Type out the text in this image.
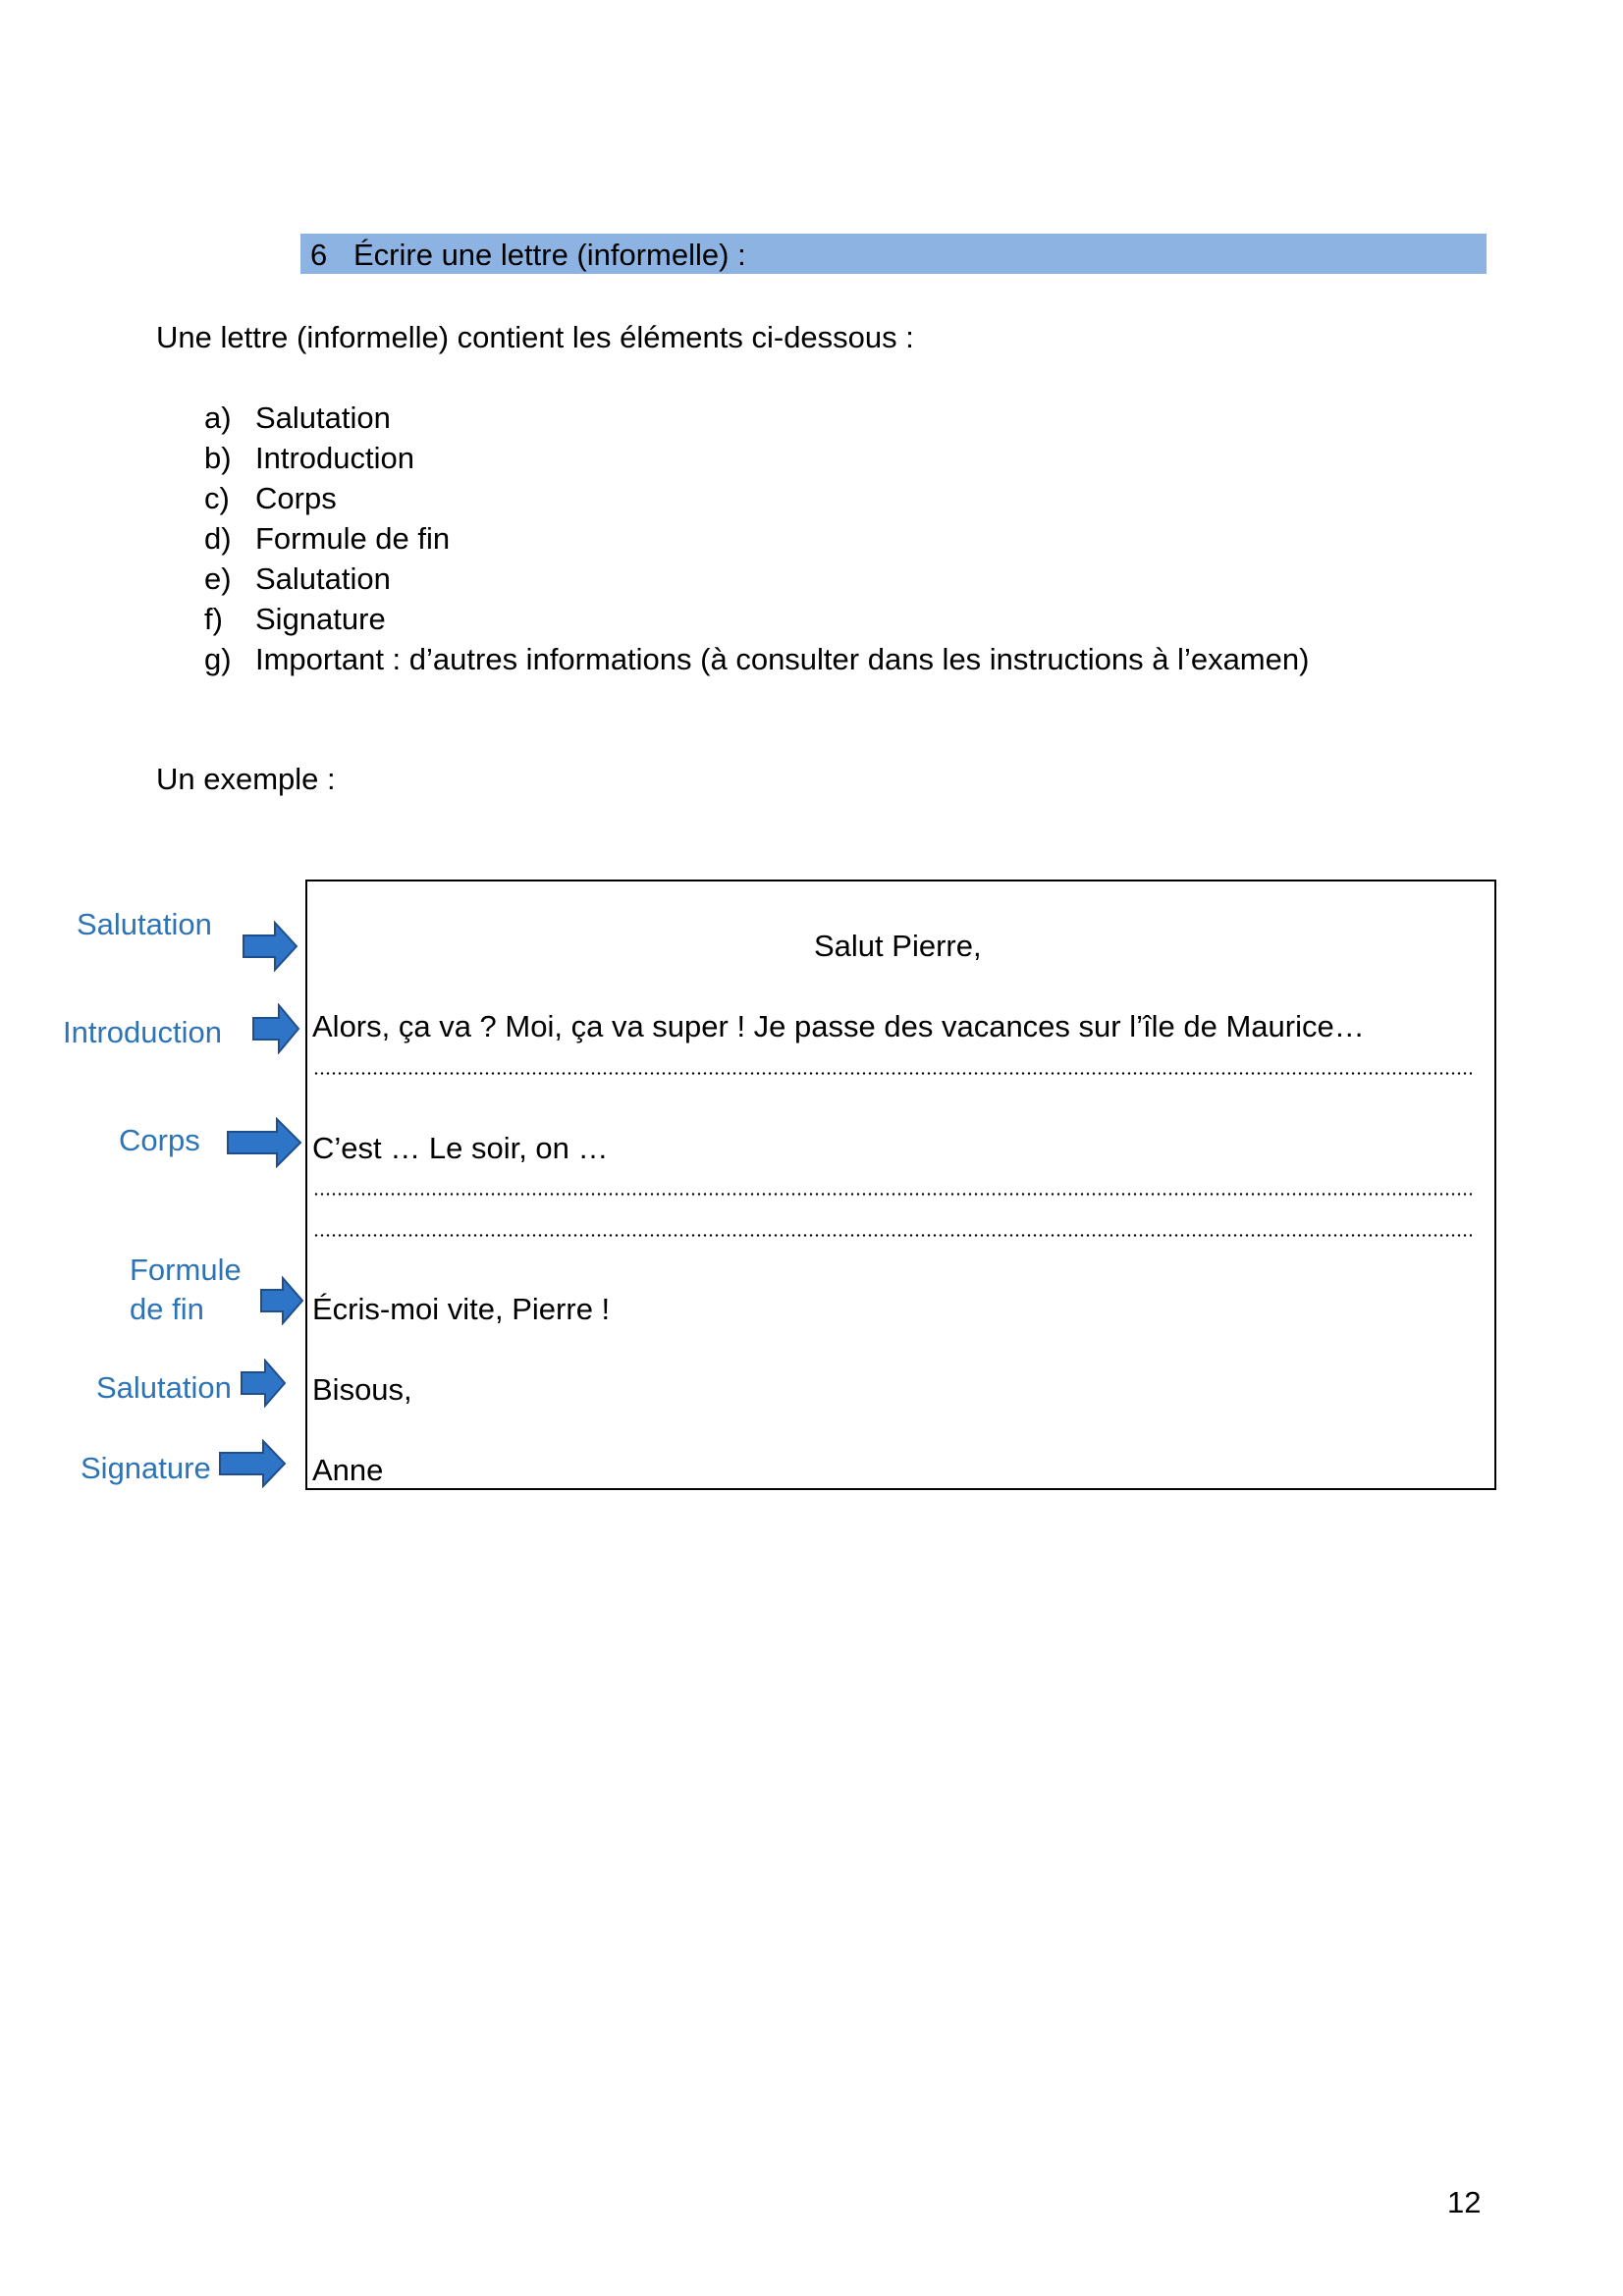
6 Écrire une lettre (informelle) :
Une lettre (informelle) contient les éléments ci-dessous :
a) Salutation
b) Introduction
c) Corps
d) Formule de fin
e) Salutation
f) Signature
g) Important : d’autres informations (à consulter dans les instructions à l’examen)
Un exemple :
Salutation
Introduction
Corps
Formule
de fin
Salutation
Signature
Salut Pierre,
Alors, ça va ? Moi, ça va super ! Je passe des vacances sur l’île de Maurice…
C’est … Le soir, on …
Écris-moi vite, Pierre !
Bisous,
Anne
12
